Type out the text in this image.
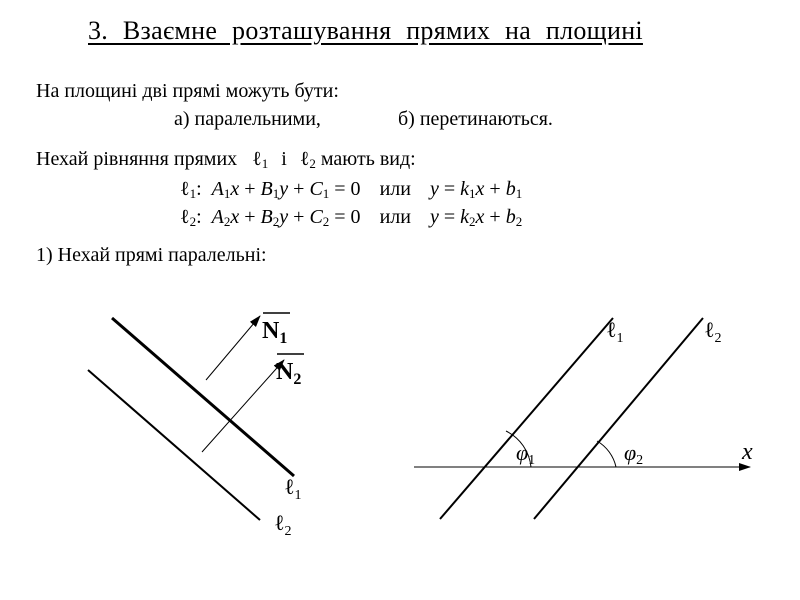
3. Взаємне розташування прямих на площині
На площині дві прямі можуть бути:
а) паралельними,	б) перетинаються.
Нехай рівняння прямих ℓ$_1$ і ℓ$_2$ мають вид:
ℓ$_1$: $A_1x + B_1y + C_1 = 0$ или $y = k_1x + b_1$
ℓ$_2$: $A_2x + B_2y + C_2 = 0$ или $y = k_2x + b_2$
1) Нехай прямі паралельні:
$N_1$
$N_2$
ℓ$_1$
ℓ$_2$
φ1	φ2	x
ℓ$_1$	ℓ$_2$
